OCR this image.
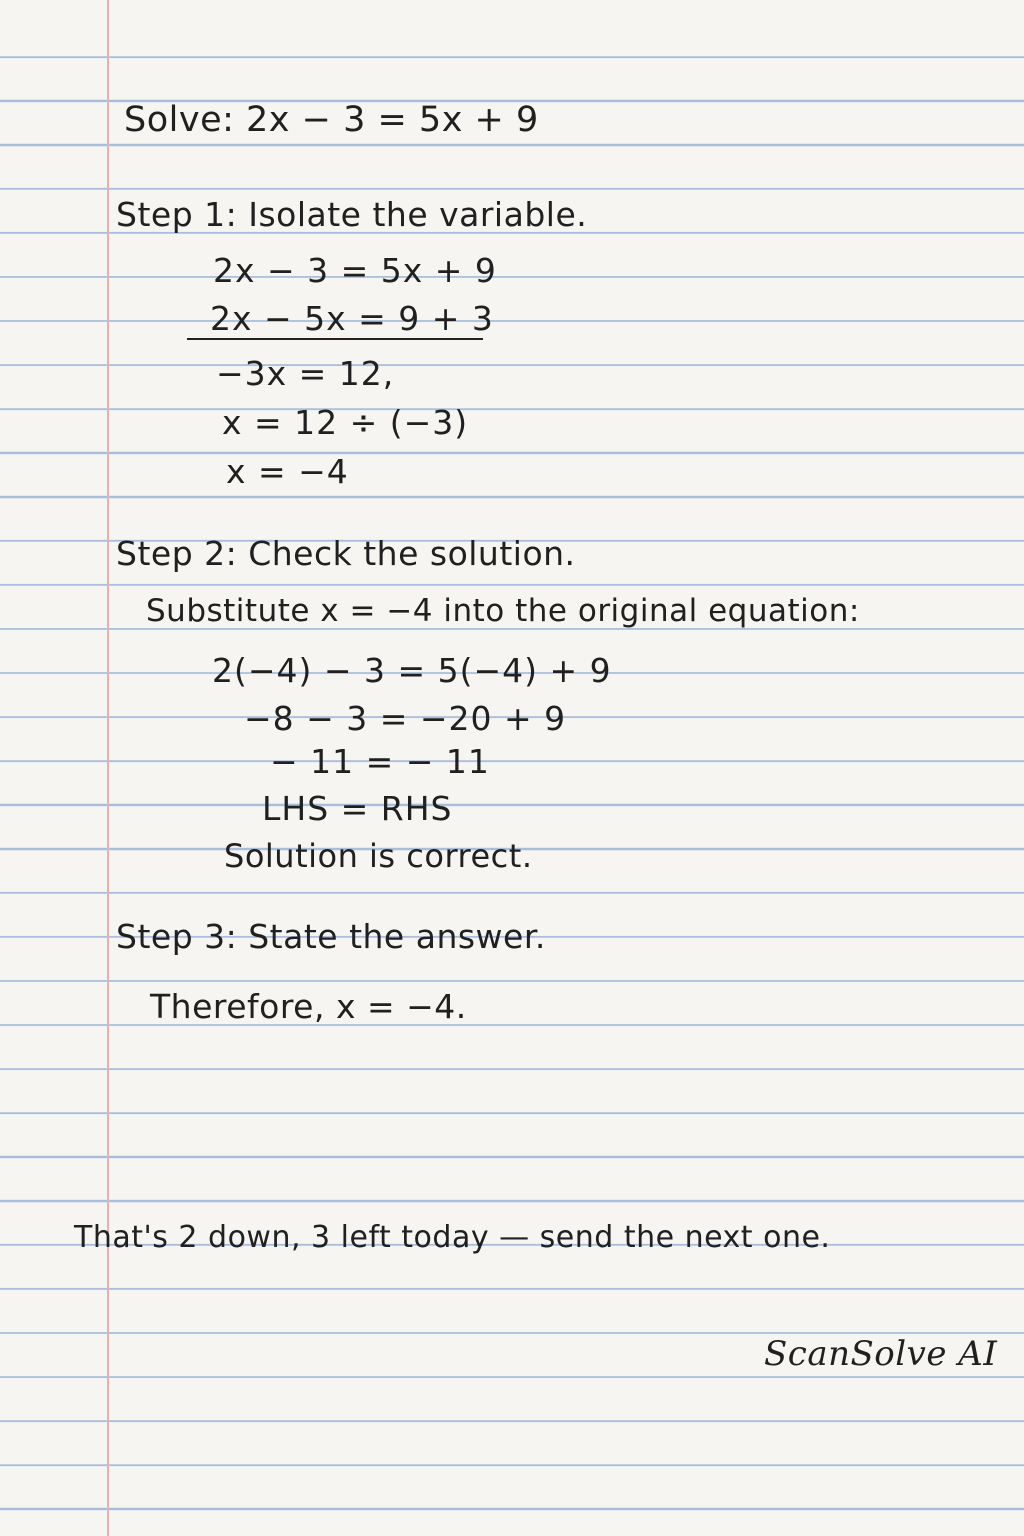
Solve: 2x − 3 = 5x + 9
Step 1: Isolate the variable.
2x − 3 = 5x + 9
2x − 5x = 9 + 3
−3x = 12,
x = 12 ÷ (−3)
x = −4
Step 2: Check the solution.
Substitute x = −4 into the original equation:
2(−4) − 3 = 5(−4) + 9
−8 − 3 = −20 + 9
− 11 = − 11
LHS = RHS
Solution is correct.
Step 3: State the answer.
Therefore, x = −4.
That's 2 down, 3 left today — send the next one.
ScanSolve AI
